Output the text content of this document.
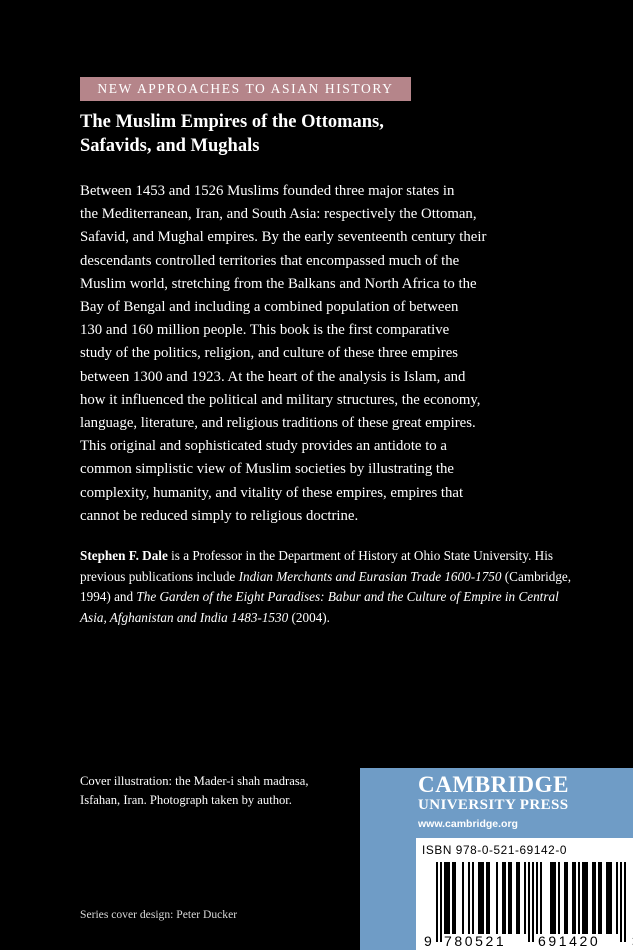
NEW APPROACHES TO ASIAN HISTORY
The Muslim Empires of the Ottomans,
Safavids, and Mughals

Between 1453 and 1526 Muslims founded three major states in
the Mediterranean, Iran, and South Asia: respectively the Ottoman,
Safavid, and Mughal empires. By the early seventeenth century their
descendants controlled territories that encompassed much of the
Muslim world, stretching from the Balkans and North Africa to the
Bay of Bengal and including a combined population of between
130 and 160 million people. This book is the first comparative
study of the politics, religion, and culture of these three empires
between 1300 and 1923. At the heart of the analysis is Islam, and
how it influenced the political and military structures, the economy,
language, literature, and religious traditions of these great empires.
This original and sophisticated study provides an antidote to a
common simplistic view of Muslim societies by illustrating the
complexity, humanity, and vitality of these empires, empires that
cannot be reduced simply to religious doctrine.

Stephen F. Dale is a Professor in the Department of History at Ohio State University. His previous publications include Indian Merchants and Eurasian Trade 1600-1750 (Cambridge, 1994) and The Garden of the Eight Paradises: Babur and the Culture of Empire in Central Asia, Afghanistan and India 1483-1530 (2004).

Cover illustration: the Mader-i shah madrasa,
Isfahan, Iran. Photograph taken by author.

Series cover design: Peter Ducker

CAMBRIDGE
UNIVERSITY PRESS
www.cambridge.org
ISBN 978-0-521-69142-0
9 780521 691420
